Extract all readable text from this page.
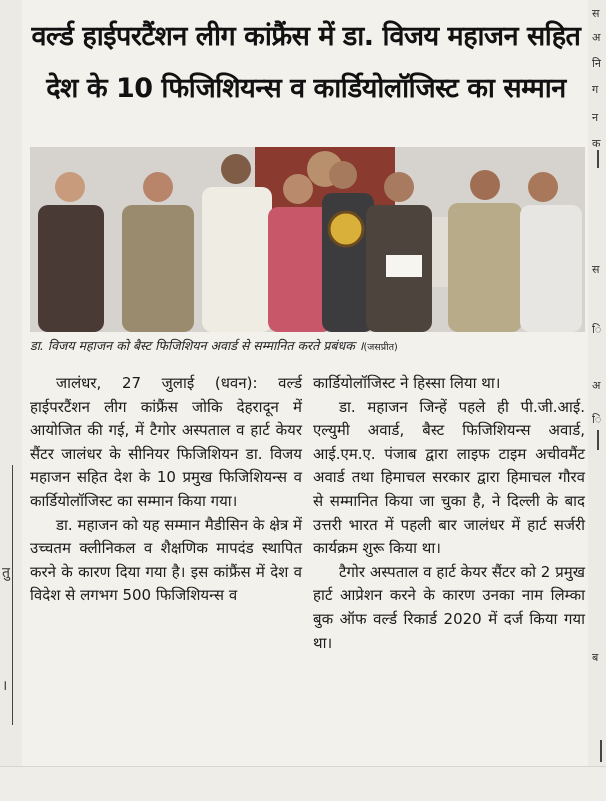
तु
।
स
अ
नि
ग
न
क
स
ि
अ
ि
ब
वर्ल्ड हाईपरटैंशन लीग कांफ्रैंस में डा. विजय महाजन सहित
देश के 10 फिजिशियन्स व कार्डियोलॉजिस्ट का सम्मान
डा. विजय महाजन को बैस्ट फिजिशियन अवार्ड से सम्मानित करते प्रबंधक ।(जसप्रीत)

जालंधर, 27 जुलाई (धवन): वर्ल्ड हाईपरटैंशन लीग कांफ्रैंस जोकि देहरादून में आयोजित की गई, में टैगोर अस्पताल व हार्ट केयर सैंटर जालंधर के सीनियर फिजिशियन डा. विजय महाजन सहित देश के 10 प्रमुख फिजिशियन्स व कार्डियोलॉजिस्ट का सम्मान किया गया।

डा. महाजन को यह सम्मान मैडीसिन के क्षेत्र में उच्चतम क्लीनिकल व शैक्षणिक मापदंड स्थापित करने के कारण दिया गया है। इस कांफ्रैंस में देश व विदेश से लगभग 500 फिजिशियन्स व

कार्डियोलॉजिस्ट ने हिस्सा लिया था।

डा. महाजन जिन्हें पहले ही पी.जी.आई. एल्युमी अवार्ड, बैस्ट फिजिशियन्स अवार्ड, आई.एम.ए. पंजाब द्वारा लाइफ टाइम अचीवमैंट अवार्ड तथा हिमाचल सरकार द्वारा हिमाचल गौरव से सम्मानित किया जा चुका है, ने दिल्ली के बाद उत्तरी भारत में पहली बार जालंधर में हार्ट सर्जरी कार्यक्रम शुरू किया था।

टैगोर अस्पताल व हार्ट केयर सैंटर को 2 प्रमुख हार्ट आप्रेशन करने के कारण उनका नाम लिम्का बुक ऑफ वर्ल्ड रिकार्ड 2020 में दर्ज किया गया था।
